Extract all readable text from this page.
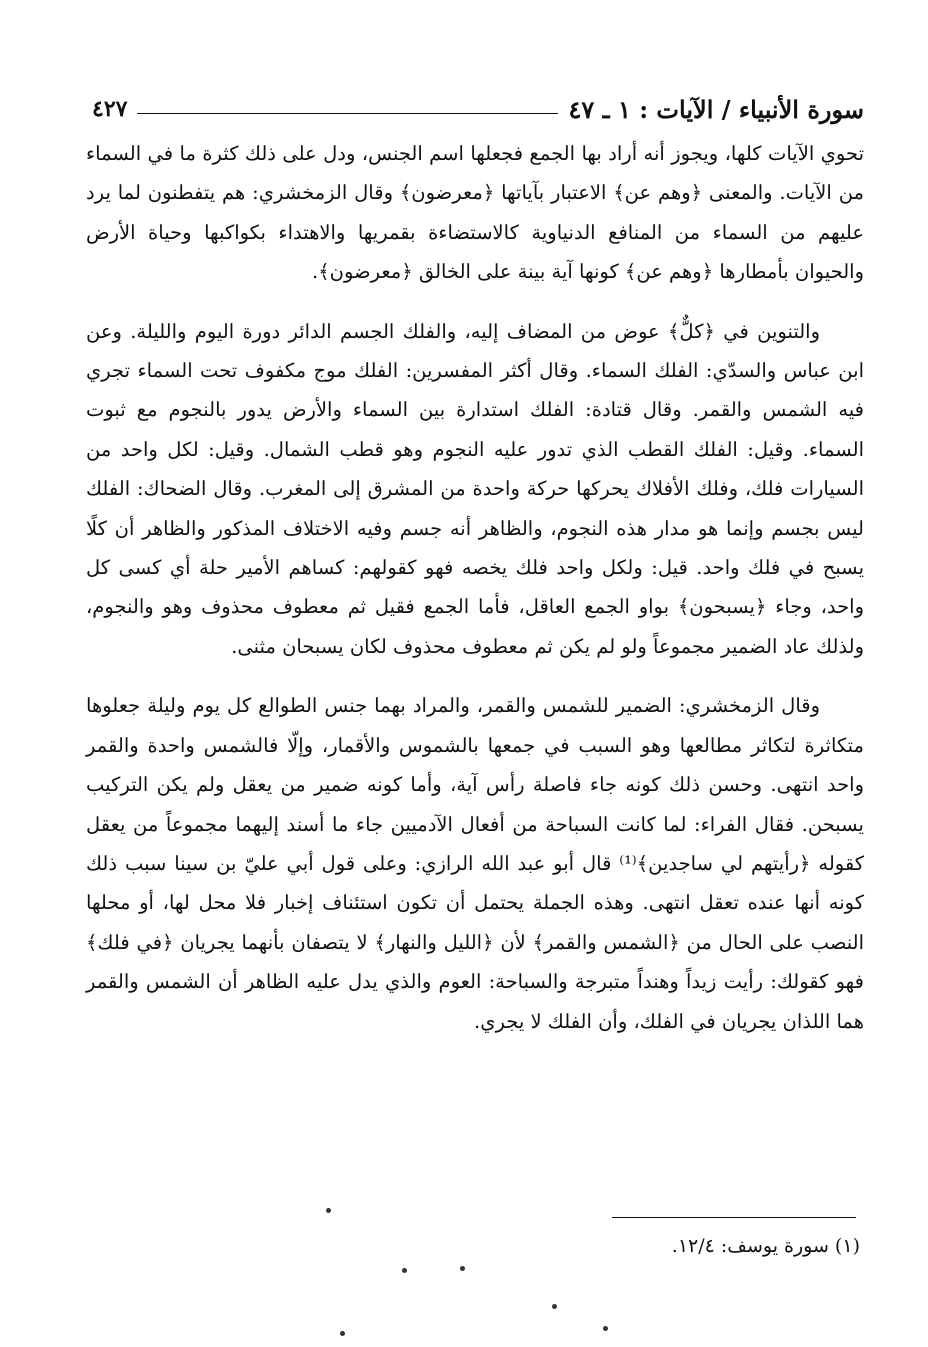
سورة الأنبياء / الآيات : ١ ـ ٤٧
٤٢٧

تحوي الآيات كلها، ويجوز أنه أراد بها الجمع فجعلها اسم الجنس، ودل على ذلك كثرة ما في السماء من الآيات. والمعنى ﴿وهم عن﴾ الاعتبار بآياتها ﴿معرضون﴾ وقال الزمخشري: هم يتفطنون لما يرد عليهم من السماء من المنافع الدنياوية كالاستضاءة بقمريها والاهتداء بكواكبها وحياة الأرض والحيوان بأمطارها ﴿وهم عن﴾ كونها آية بينة على الخالق ﴿معرضون﴾.

والتنوين في ﴿كلٌّ﴾ عوض من المضاف إليه، والفلك الجسم الدائر دورة اليوم والليلة. وعن ابن عباس والسدّي: الفلك السماء. وقال أكثر المفسرين: الفلك موج مكفوف تحت السماء تجري فيه الشمس والقمر. وقال قتادة: الفلك استدارة بين السماء والأرض يدور بالنجوم مع ثبوت السماء. وقيل: الفلك القطب الذي تدور عليه النجوم وهو قطب الشمال. وقيل: لكل واحد من السيارات فلك، وفلك الأفلاك يحركها حركة واحدة من المشرق إلى المغرب. وقال الضحاك: الفلك ليس بجسم وإنما هو مدار هذه النجوم، والظاهر أنه جسم وفيه الاختلاف المذكور والظاهر أن كلًا يسبح في فلك واحد. قيل: ولكل واحد فلك يخصه فهو كقولهم: كساهم الأمير حلة أي كسى كل واحد، وجاء ﴿يسبحون﴾ بواو الجمع العاقل، فأما الجمع فقيل ثم معطوف محذوف وهو والنجوم، ولذلك عاد الضمير مجموعاً ولو لم يكن ثم معطوف محذوف لكان يسبحان مثنى.

وقال الزمخشري: الضمير للشمس والقمر، والمراد بهما جنس الطوالع كل يوم وليلة جعلوها متكاثرة لتكاثر مطالعها وهو السبب في جمعها بالشموس والأقمار، وإلّا فالشمس واحدة والقمر واحد انتهى. وحسن ذلك كونه جاء فاصلة رأس آية، وأما كونه ضمير من يعقل ولم يكن التركيب يسبحن. فقال الفراء: لما كانت السباحة من أفعال الآدميين جاء ما أسند إليهما مجموعاً من يعقل كقوله ﴿رأيتهم لي ساجدين﴾⁽¹⁾ قال أبو عبد الله الرازي: وعلى قول أبي عليّ بن سينا سبب ذلك كونه أنها عنده تعقل انتهى. وهذه الجملة يحتمل أن تكون استئناف إخبار فلا محل لها، أو محلها النصب على الحال من ﴿الشمس والقمر﴾ لأن ﴿الليل والنهار﴾ لا يتصفان بأنهما يجريان ﴿في فلك﴾ فهو كقولك: رأيت زيداً وهنداً متبرجة والسباحة: العوم والذي يدل عليه الظاهر أن الشمس والقمر هما اللذان يجريان في الفلك، وأن الفلك لا يجري.

(١) سورة يوسف: ١٢/٤.
